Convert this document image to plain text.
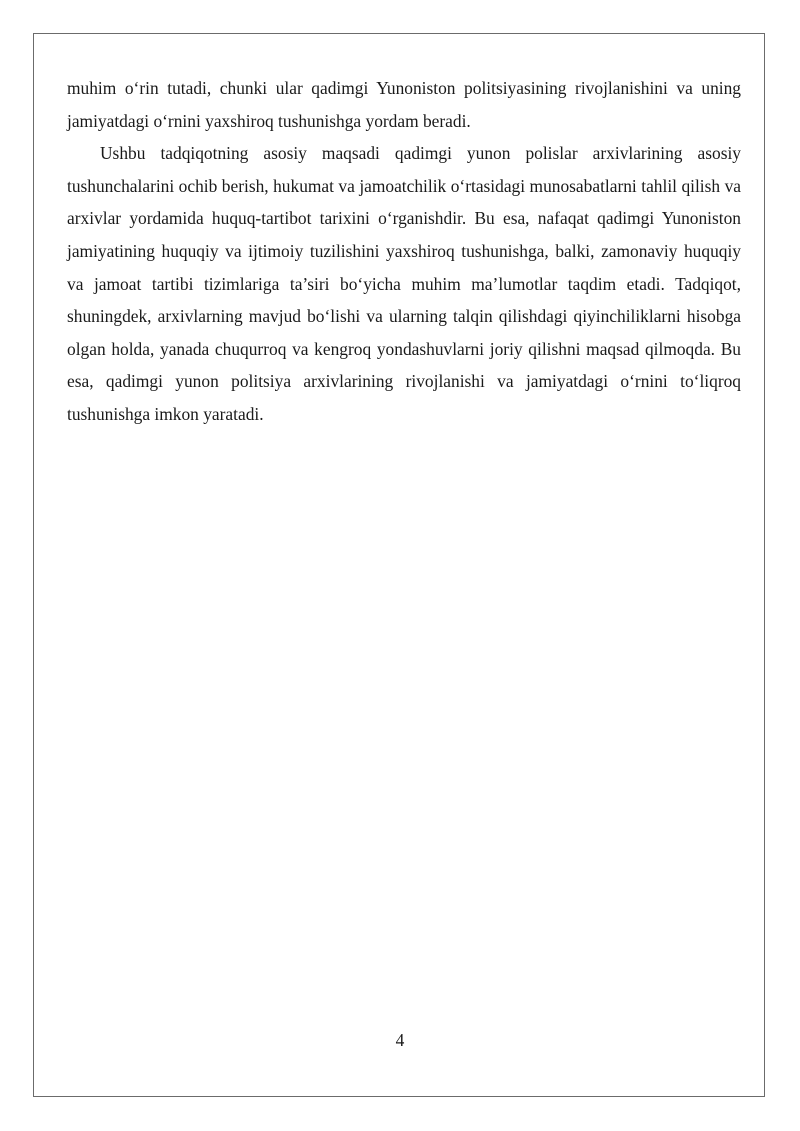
muhim o‘rin tutadi, chunki ular qadimgi Yunoniston politsiyasining rivojlanishini va uning jamiyatdagi o‘rnini yaxshiroq tushunishga yordam beradi.

Ushbu tadqiqotning asosiy maqsadi qadimgi yunon polislar arxivlarining asosiy tushunchalarini ochib berish, hukumat va jamoatchilik o‘rtasidagi munosabatlarni tahlil qilish va arxivlar yordamida huquq-tartibot tarixini o‘rganishdir. Bu esa, nafaqat qadimgi Yunoniston jamiyatining huquqiy va ijtimoiy tuzilishini yaxshiroq tushunishga, balki, zamonaviy huquqiy va jamoat tartibi tizimlariga ta’siri bo‘yicha muhim ma’lumotlar taqdim etadi. Tadqiqot, shuningdek, arxivlarning mavjud bo‘lishi va ularning talqin qilishdagi qiyinchiliklarni hisobga olgan holda, yanada chuqurroq va kengroq yondashuvlarni joriy qilishni maqsad qilmoqda. Bu esa, qadimgi yunon politsiya arxivlarining rivojlanishi va jamiyatdagi o‘rnini to‘liqroq tushunishga imkon yaratadi.

4
